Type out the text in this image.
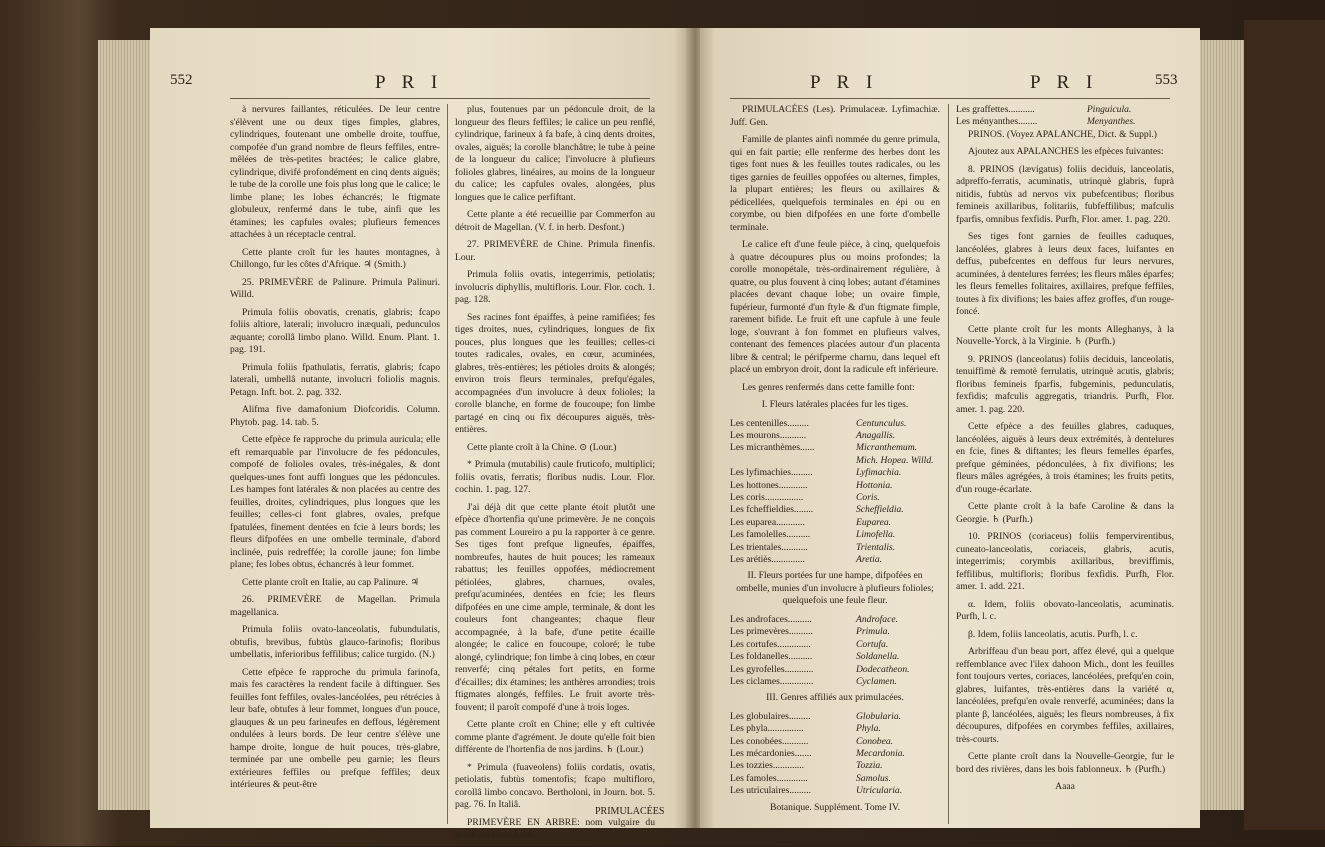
552	P R I

à nervures faillantes, réticulées. De leur centre s'élèvent une ou deux tiges fimples, glabres, cylindriques, foutenant une ombelle droite, touffue, compofée d'un grand nombre de fleurs feffiles, entre-mêlées de très-petites bractées; le calice glabre, cylindrique, divifé profondément en cinq dents aiguës; le tube de la corolle une fois plus long que le calice; le limbe plane; les lobes échancrés; le ftigmate globuleux, renfermé dans le tube, ainfi que les étamines; les capfules ovales; plufieurs femences attachées à un réceptacle central.

Cette plante croît fur les hautes montagnes, à Chillongo, fur les côtes d'Afrique. ♃ (Smith.)

25. PRIMEVÈRE de Palinure. Primula Palinuri. Willd.

Primula foliis obovatis, crenatis, glabris; fcapo foliis altiore, laterali; involucro inæquali, pedunculos æquante; corollâ limbo plano. Willd. Enum. Plant. 1. pag. 191.

Primula foliis fpathulatis, ferratis, glabris; fcapo laterali, umbellâ nutante, involucri foliolis magnis. Petagn. Inft. bot. 2. pag. 332.

Alifma five damafonium Diofcoridis. Column. Phytob. pag. 14. tab. 5.

Cette efpèce fe rapproche du primula auricula; elle eft remarquable par l'involucre de fes pédoncules, compofé de folioles ovales, très-inégales, & dont quelques-unes font auffi longues que les pédoncules. Les hampes font latérales & non placées au centre des feuilles, droites, cylindriques, plus longues que les feuilles; celles-ci font glabres, ovales, prefque fpatulées, finement dentées en fcie à leurs bords; les fleurs difpofées en une ombelle terminale, d'abord inclinée, puis redreffée; la corolle jaune; fon limbe plane; fes lobes obtus, échancrés à leur fommet.

Cette plante croît en Italie, au cap Palinure. ♃

26. PRIMEVÈRE de Magellan. Primula magellanica.

Primula foliis ovato-lanceolatis, fubundulatis, obtufis, brevibus, fubtùs glauco-farinofis; floribus umbellatis, inferioribus feffilibus; calice turgido. (N.)

Cette efpèce fe rapproche du primula farinofa, mais fes caractères la rendent facile à diftinguer. Ses feuilles font feffiles, ovales-lancéolées, peu rétrécies à leur bafe, obtufes à leur fommet, longues d'un pouce, glauques & un peu farineufes en deffous, légèrement ondulées à leurs bords. De leur centre s'élève une hampe droite, longue de huit pouces, très-glabre, terminée par une ombelle peu garnie; les fleurs extérieures feffiles ou prefque feffiles; deux intérieures & peut-être

plus, foutenues par un pédoncule droit, de la longueur des fleurs feffiles; le calice un peu renflé, cylindrique, farineux à fa bafe, à cinq dents droites, ovales, aiguës; la corolle blanchâtre; le tube à peine de la longueur du calice; l'involucre à plufieurs folioles glabres, linéaires, au moins de la longueur du calice; les capfules ovales, alongées, plus longues que le calice perfiftant.

Cette plante a été recueillie par Commerfon au détroit de Magellan. (V. f. in herb. Desfont.)

27. PRIMEVÈRE de Chine. Primula finenfis. Lour.

Primula foliis ovatis, integerrimis, petiolatis; involucris diphyllis, multifloris. Lour. Flor. coch. 1. pag. 128.

Ses racines font épaiffes, à peine ramifiées; fes tiges droites, nues, cylindriques, longues de fix pouces, plus longues que les feuilles; celles-ci toutes radicales, ovales, en cœur, acuminées, glabres, très-entières; les pétioles droits & alongés; environ trois fleurs terminales, prefqu'égales, accompagnées d'un involucre à deux folioles; la corolle blanche, en forme de foucoupe; fon limbe partagé en cinq ou fix découpures aiguës, très-entières.

Cette plante croît à la Chine. ⊙ (Lour.)

* Primula (mutabilis) caule fruticofo, multiplici; foliis ovatis, ferratis; floribus nudis. Lour. Flor. cochin. 1. pag. 127.

J'ai déjà dit que cette plante étoit plutôt une efpèce d'hortenfia qu'une primevère. Je ne conçois pas comment Loureiro a pu la rapporter à ce genre. Ses tiges font prefque ligneufes, épaiffes, nombreufes, hautes de huit pouces; les rameaux rabattus; les feuilles oppofées, médiocrement pétiolées, glabres, charnues, ovales, prefqu'acuminées, dentées en fcie; les fleurs difpofées en une cime ample, terminale, & dont les couleurs font changeantes; chaque fleur accompagnée, à la bafe, d'une petite écaille alongée; le calice en foucoupe, coloré; le tube alongé, cylindrique; fon limbe à cinq lobes, en cœur renverfé; cinq pétales fort petits, en forme d'écailles; dix étamines; les anthères arrondies; trois ftigmates alongés, feffiles. Le fruit avorte très-fouvent; il paroît compofé d'une à trois loges.

Cette plante croît en Chine; elle y eft cultivée comme plante d'agrément. Je doute qu'elle foit bien différente de l'hortenfia de nos jardins. ♄ (Lour.)

* Primula (fuaveolens) foliis cordatis, ovatis, petiolatis, fubtùs tomentofis; fcapo multifloro, corollâ limbo concavo. Bertholoni, in Journ. bot. 5. pag. 76. In Italiâ.

PRIMEVÈRE EN ARBRE: nom vulgaire du genre anothera Linn.

PRIMULACÉES
P R I	P R I	553

PRIMULACÉES (Les). Primulaceæ. Lyfimachiæ. Juff. Gen.

Famille de plantes ainfi nommée du genre primula, qui en fait partie; elle renferme des herbes dont les tiges font nues & les feuilles toutes radicales, ou les tiges garnies de feuilles oppofées ou alternes, fimples, la plupart entières; les fleurs ou axillaires & pédicellées, quelquefois terminales en épi ou en corymbe, ou bien difpofées en une forte d'ombelle terminale.

Le calice eft d'une feule pièce, à cinq, quelquefois à quatre découpures plus ou moins profondes; la corolle monopétale, très-ordinairement régulière, à quatre, ou plus fouvent à cinq lobes; autant d'étamines placées devant chaque lobe; un ovaire fimple, fupérieur, furmonté d'un ftyle & d'un ftigmate fimple, rarement bifide. Le fruit eft une capfule à une feule loge, s'ouvrant à fon fommet en plufieurs valves, contenant des femences placées autour d'un placenta libre & central; le périfperme charnu, dans lequel eft placé un embryon droit, dont la radicule eft inférieure.

Les genres renfermés dans cette famille font:

I. Fleurs latérales placées fur les tiges.

Les centenilles.........	Centunculus.
Les mourons...........	Anagallis.
Les micranthèmes......	Micranthemum. Mich. Hopea. Willd.
Les lyfimachies.........	Lyfimachia.
Les hottones............	Hottonia.
Les coris................	Coris.
Les fcheffieldies........	Scheffieldia.
Les euparea............	Euparea.
Les famolelles..........	Limofella.
Les trientales...........	Trientalis.
Les arétiès..............	Aretia.

II. Fleurs portées fur une hampe, difpofées en ombelle, munies d'un involucre à plufieurs folioles; quelquefois une feule fleur.

Les androfaces..........	Androface.
Les primevères..........	Primula.
Les cortufes..............	Cortufa.
Les foldanelles..........	Soldanella.
Les gyrofelles............	Dodecatheon.
Les ciclames..............	Cyclamen.

III. Genres affiliés aux primulacées.

Les globulaires.........	Globularia.
Les phyla...............	Phyla.
Les conobées...........	Conobea.
Les mécardonies.......	Mecardonia.
Les tozzies.............	Tozzia.
Les famoles.............	Samolus.
Les utriculaires.........	Utricularia.

Botanique. Supplément. Tome IV.

Les graffettes...........	Pinguicula.
Les ményanthes........	Menyanthes.

PRINOS. (Voyez APALANCHE, Dict. & Suppl.)

Ajoutez aux APALANCHES les efpèces fuivantes:

8. PRINOS (lævigatus) foliis deciduis, lanceolatis, adpreffo-ferratis, acuminatis, utrinquè glabris, fuprà nitidis, fubtùs ad nervos vix pubefcentibus; floribus femineis axillaribus, folitariis, fubfeffilibus; mafculis fparfis, omnibus fexfidis. Purfh, Flor. amer. 1. pag. 220.

Ses tiges font garnies de feuilles caduques, lancéolées, glabres à leurs deux faces, luifantes en deffus, pubefcentes en deffous fur leurs nervures, acuminées, à dentelures ferrées; les fleurs mâles éparfes; les fleurs femelles folitaires, axillaires, prefque feffiles, toutes à fix divifions; les baies affez groffes, d'un rouge-foncé.

Cette plante croît fur les monts Alleghanys, à la Nouvelle-Yorck, à la Virginie. ♄ (Purfh.)

9. PRINOS (lanceolatus) foliis deciduis, lanceolatis, tenuiffimè & remotè ferrulatis, utrinquè acutis, glabris; floribus femineis fparfis, fubgeminis, pedunculatis, fexfidis; mafculis aggregatis, triandris. Purfh, Flor. amer. 1. pag. 220.

Cette efpèce a des feuilles glabres, caduques, lancéolées, aiguës à leurs deux extrémités, à dentelures en fcie, fines & diftantes; les fleurs femelles éparfes, prefque géminées, pédonculées, à fix divifions; les fleurs mâles agrégées, à trois étamines; les fruits petits, d'un rouge-écarlate.

Cette plante croît à la bafe Caroline & dans la Georgie. ♄ (Purfh.)

10. PRINOS (coriaceus) foliis fempervirentibus, cuneato-lanceolatis, coriaceis, glabris, acutis, integerrimis; corymbis axillaribus, breviffimis, feffilibus, multifloris; floribus fexfidis. Purfh, Flor. amer. 1. add. 221.

α. Idem, foliis obovato-lanceolatis, acuminatis. Purfh, l. c.

β. Idem, foliis lanceolatis, acutis. Purfh, l. c.

Arbriffeau d'un beau port, affez élevé, qui a quelque reffemblance avec l'ilex dahoon Mich., dont les feuilles font toujours vertes, coriaces, lancéolées, prefqu'en coin, glabres, luifantes, très-entières dans la variété α, lancéolées, prefqu'en ovale renverfé, acuminées; dans la plante β, lancéolées, aiguës; les fleurs nombreuses, à fix découpures, difpofées en corymbes feffiles, axillaires, très-courts.

Cette plante croît dans la Nouvelle-Georgie, fur le bord des rivières, dans les bois fablonneux. ♄ (Purfh.)

Aaaa
